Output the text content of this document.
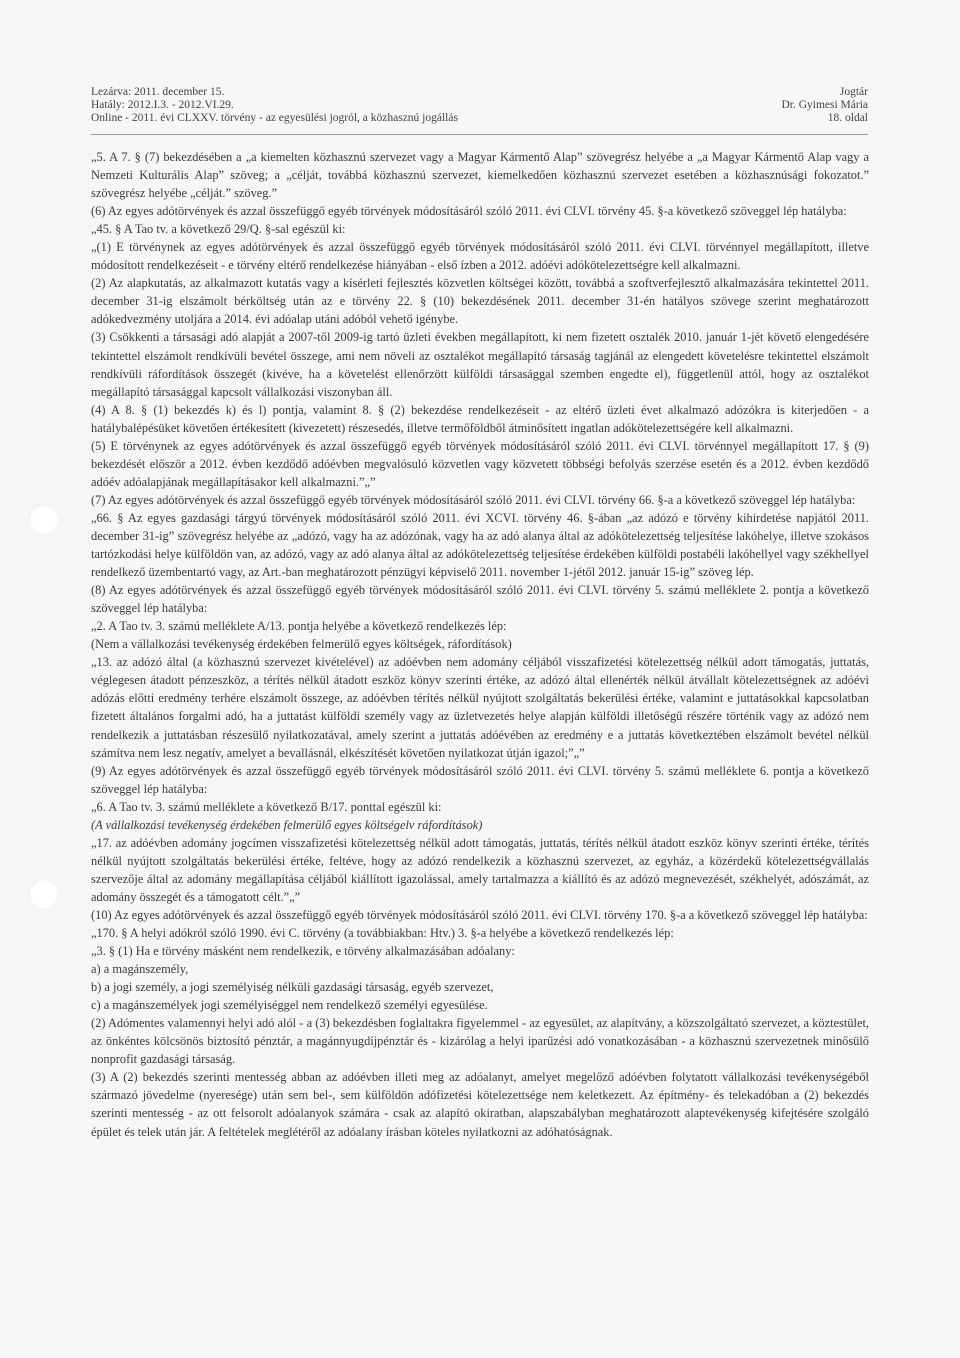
Lezárva: 2011. december 15.
Hatály: 2012.I.3. - 2012.VI.29.
Online - 2011. évi CLXXV. törvény - az egyesülési jogról, a közhasznú jogállás
Jogtár
Dr. Gyimesi Mária
18. oldal
„5. A 7. § (7) bekezdésében a „a kiemelten közhasznú szervezet vagy a Magyar Kármentő Alap” szövegrész helyébe a „a Magyar Kármentő Alap vagy a Nemzeti Kulturális Alap” szöveg; a „célját, továbbá közhasznú szervezet, kiemelkedően közhasznú szervezet esetében a közhasznúsági fokozatot.” szövegrész helyébe „célját.” szöveg.”
(6) Az egyes adótörvények és azzal összefüggő egyéb törvények módosításáról szóló 2011. évi CLVI. törvény 45. §-a következő szöveggel lép hatályba:
„45. § A Tao tv. a következő 29/Q. §-sal egészül ki:
„(1) E törvénynek az egyes adótörvények és azzal összefüggő egyéb törvények módosításáról szóló 2011. évi CLVI. törvénnyel megállapított, illetve módosított rendelkezéseit - e törvény eltérő rendelkezése hiányában - első ízben a 2012. adóévi adókötelezettségre kell alkalmazni.
(2) Az alapkutatás, az alkalmazott kutatás vagy a kísérleti fejlesztés közvetlen költségei között, továbbá a szoftverfejlesztő alkalmazására tekintettel 2011. december 31-ig elszámolt bérköltség után az e törvény 22. § (10) bekezdésének 2011. december 31-én hatályos szövege szerint meghatározott adókedvezmény utoljára a 2014. évi adóalap utáni adóból vehető igénybe.
(3) Csökkenti a társasági adó alapját a 2007-től 2009-ig tartó üzleti években megállapított, ki nem fizetett osztalék 2010. január 1-jét követő elengedésére tekintettel elszámolt rendkívüli bevétel összege, ami nem növeli az osztalékot megállapító társaság tagjánál az elengedett követelésre tekintettel elszámolt rendkívüli ráfordítások összegét (kivéve, ha a követelést ellenőrzött külföldi társasággal szemben engedte el), függetlenül attól, hogy az osztalékot megállapító társasággal kapcsolt vállalkozási viszonyban áll.
(4) A 8. § (1) bekezdés k) és l) pontja, valamint 8. § (2) bekezdése rendelkezéseit - az eltérő üzleti évet alkalmazó adózókra is kiterjedően - a hatálybalépésüket követően értékesített (kivezetett) részesedés, illetve termőföldből átminősített ingatlan adókötelezettségére kell alkalmazni.
(5) E törvénynek az egyes adótörvények és azzal összefüggő egyéb törvények módosításáról szóló 2011. évi CLVI. törvénnyel megállapított 17. § (9) bekezdését először a 2012. évben kezdődő adóévben megvalósuló közvetlen vagy közvetett többségi befolyás szerzése esetén és a 2012. évben kezdődő adóév adóalapjának megállapításakor kell alkalmazni.”„”
(7) Az egyes adótörvények és azzal összefüggő egyéb törvények módosításáról szóló 2011. évi CLVI. törvény 66. §-a a következő szöveggel lép hatályba:
„66. § Az egyes gazdasági tárgyú törvények módosításáról szóló 2011. évi XCVI. törvény 46. §-ában „az adózó e törvény kihirdetése napjától 2011. december 31-ig” szövegrész helyébe az „adózó, vagy ha az adózónak, vagy ha az adó alanya által az adókötelezettség teljesítése lakóhelye, illetve szokásos tartózkodási helye külföldön van, az adózó, vagy az adó alanya által az adókötelezettség teljesítése érdekében külföldi postabéli lakóhellyel vagy székhellyel rendelkező üzembentartó vagy, az Art.-ban meghatározott pénzügyi képviselő 2011. november 1-jétől 2012. január 15-ig” szöveg lép.
(8) Az egyes adótörvények és azzal összefüggő egyéb törvények módosításáról szóló 2011. évi CLVI. törvény 5. számú melléklete 2. pontja a következő szöveggel lép hatályba:
„2. A Tao tv. 3. számú melléklete A/13. pontja helyébe a következő rendelkezés lép:
(Nem a vállalkozási tevékenység érdekében felmerülő egyes költségek, ráfordítások)
„13. az adózó által (a közhasznú szervezet kivételével) az adóévben nem adomány céljából visszafizetési kötelezettség nélkül adott támogatás, juttatás, véglegesen átadott pénzeszköz, a térítés nélkül átadott eszköz könyv szerinti értéke, az adózó által ellenérték nélkül átvállalt kötelezettségnek az adóévi adózás előtti eredmény terhére elszámolt összege, az adóévben térítés nélkül nyújtott szolgáltatás bekerülési értéke, valamint e juttatásokkal kapcsolatban fizetett általános forgalmi adó, ha a juttatást külföldi személy vagy az üzletvezetés helye alapján külföldi illetőségű részére történik vagy az adózó nem rendelkezik a juttatásban részesülő nyilatkozatával, amely szerint a juttatás adóévében az eredmény e a juttatás következtében elszámolt bevétel nélkül számítva nem lesz negatív, amelyet a bevallásnál, elkészítését követően nyilatkozat útján igazol;”„”
(9) Az egyes adótörvények és azzal összefüggő egyéb törvények módosításáról szóló 2011. évi CLVI. törvény 5. számú melléklete 6. pontja a következő szöveggel lép hatályba:
„6. A Tao tv. 3. számú melléklete a következő B/17. ponttal egészül ki:
(A vállalkozási tevékenység érdekében felmerülő egyes költségelv ráfordítások)
„17. az adóévben adomány jogcímen visszafizetési kötelezettség nélkül adott támogatás, juttatás, térítés nélkül átadott eszköz könyv szerinti értéke, térítés nélkül nyújtott szolgáltatás bekerülési értéke, feltéve, hogy az adózó rendelkezik a közhasznú szervezet, az egyház, a közérdekű kötelezettségvállalás szervezője által az adomány megállapítása céljából kiállított igazolással, amely tartalmazza a kiállító és az adózó megnevezését, székhelyét, adószámát, az adomány összegét és a támogatott célt.”„”
(10) Az egyes adótörvények és azzal összefüggő egyéb törvények módosításáról szóló 2011. évi CLVI. törvény 170. §-a a következő szöveggel lép hatályba:
„170. § A helyi adókról szóló 1990. évi C. törvény (a továbbiakban: Htv.) 3. §-a helyébe a következő rendelkezés lép:
„3. § (1) Ha e törvény másként nem rendelkezik, e törvény alkalmazásában adóalany:
a) a magánszemély,
b) a jogi személy, a jogi személyiség nélküli gazdasági társaság, egyéb szervezet,
c) a magánszemélyek jogi személyiséggel nem rendelkező személyi egyesülése.
(2) Adómentes valamennyi helyi adó alól - a (3) bekezdésben foglaltakra figyelemmel - az egyesület, az alapítvány, a közszolgáltató szervezet, a köztestület, az önkéntes kölcsönös biztosító pénztár, a magánnyugdíjpénztár és - kizárólag a helyi iparűzési adó vonatkozásában - a közhasznú szervezetnek minősülő nonprofit gazdasági társaság.
(3) A (2) bekezdés szerinti mentesség abban az adóévben illeti meg az adóalanyt, amelyet megelőző adóévben folytatott vállalkozási tevékenységéből származó jövedelme (nyeresége) után sem bel-, sem külföldön adófizetési kötelezettsége nem keletkezett. Az építmény- és telekadóban a (2) bekezdés szerinti mentesség - az ott felsorolt adóalanyok számára - csak az alapító okiratban, alapszabályban meghatározott alaptevékenység kifejtésére szolgáló épület és telek után jár. A feltételek meglétéről az adóalany írásban köteles nyilatkozni az adóhatóságnak.
